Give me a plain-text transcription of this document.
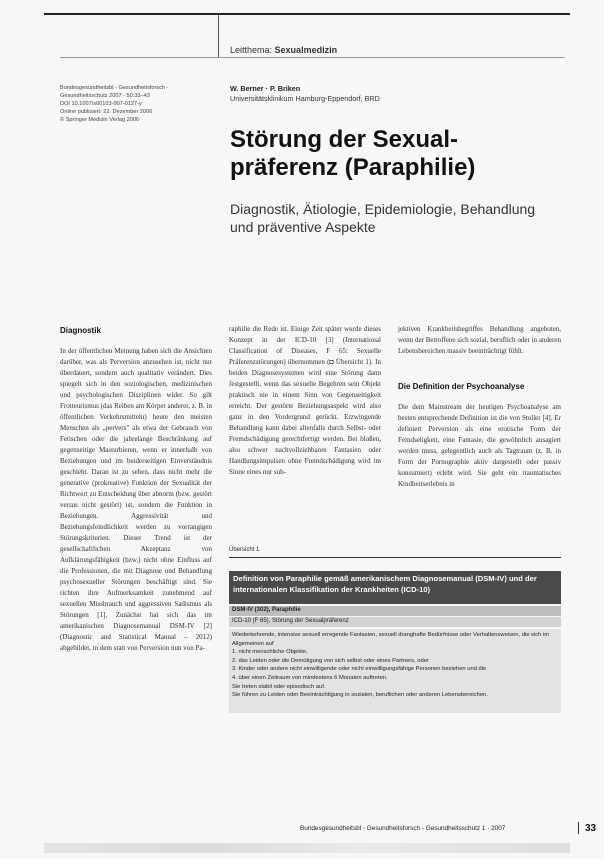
Leitthema: Sexualmedizin
Bundesgesundheitsbl - Gesundheitsforsch -
Gesundheitsschutz 2007 · 50:33–43
DOI 10.1007/s00103-007-0127-y
Online publiziert: 22. Dezember 2006
© Springer Medizin Verlag 2006
W. Berner · P. Briken
Universitätsklinikum Hamburg-Eppendorf, BRD
Störung der Sexual-präferenz (Paraphilie)
Diagnostik, Ätiologie, Epidemiologie, Behandlung und präventive Aspekte
Diagnostik

In der öffentlichen Meinung haben sich die Ansichten darüber, was als Perversion anzusehen ist, nicht nur überdauert, sondern auch qualitativ verändert. Dies spiegelt sich in den soziologischen, medizinischen und psychologischen Disziplinen wider. So gilt Frotteurismus (das Reiben am Körper anderer, z. B. in öffentlichen Verkehrsmitteln) heute den meisten Menschen als „pervers" als etwa der Gebrauch von Fetischen oder die jahrelange Beschränkung auf gegenseitige Masturbieren, wenn er innerhalb von Beziehungen und im beiderseitigen Einverständnis geschieht. Daran ist zu sehen, dass nicht mehr die generative (prokreative) Funktion der Sexualität der Richtwert zu Entscheidung über abnorm (bzw. gestört versus nicht gestört) ist, sondern die Funktion in Beziehungen. Aggressivität und Beziehungsfeindlichkeit werden zu vorrangigen Störungskriterien. Dieser Trend ist der gesellschaftlichen Akzeptanz von Aufklärungsfähigkeit (bzw.) nicht ohne Einfluss auf die Professionen, die mit Diagnose und Behandlung psychosexueller Störungen beschäftigt sind. Sie richten ihre Aufmerksamkeit zunehmend auf sexuellen Missbrauch und aggressiven Sadismus als Störungen [1]. Zunächst hat sich das im amerikanischen Diagnosemanual DSM-IV [2] (Diagnostic and Statistical Manual – 2012) abgebildet, in dem statt von Perversion nun von Pa-

raphilie die Rede ist. Einige Zeit später wurde dieses Konzept in der ICD-10 [3] (International Classification of Diseases, F 65: Sexuelle Präferenzstörungen) übernommen (◘ Übersicht 1). In beiden Diagnosesystemen wird eine Störung dann festgestellt, wenn das sexuelle Begehren sein Objekt praktisch nie in einem Sinn von Gegenseitigkeit erreicht. Der gestörte Beziehungsaspekt wird also ganz in den Vordergrund gerückt. Erzwingende Behandlung kann dabei allenfalls durch Selbst- oder Fremdschädigung gerechtfertigt werden. Bei bloßen, also schwer nachvollziehbaren Fantasien oder Handlungsimpulsen ohne Fremdschädigung wird im Sinne eines nur sub-

jektiven Krankheitsbegriffes Behandlung angeboten, wenn der Betroffene sich sozial, beruflich oder in anderen Lebensbereichen massiv beeinträchtigt fühlt.

Die Definition der Psychoanalyse

Die dem Mainstream der heutigen Psychoanalyse am besten entsprechende Definition ist die von Stoller [4]. Er definiert Perversion als eine erotische Form der Feindseligkeit, eine Fantasie, die gewöhnlich ausagiert werden muss, gelegentlich auch als Tagtraum (z. B. in Form der Pornographie aktiv dargestellt oder passiv konsumiert) erlebt wird. Sie geht ein traumatisches Kindheitserlebnis in

Übersicht 1
Definition von Paraphilie gemäß amerikanischem Diagnosemanual (DSM-IV) und der internationalen Klassifikation der Krankheiten (ICD-10)
DSM-IV (302), Paraphilie
ICD-10 (F 65), Störung der Sexualpräferenz

Wiederkehrende, intensive sexuell erregende Fantasien, sexuell dranghafte Bedürfnisse oder Verhaltensweisen, die sich im Allgemeinen auf

1. nicht menschliche Objekte,

2. das Leiden oder die Demütigung von sich selbst oder eines Partners, oder

3. Kinder oder andere nicht einwilligende oder nicht einwilligungsfähige Personen beziehen und die

4. über einen Zeitraum von mindestens 6 Monaten auftreten.

Sie treten stabil oder episodisch auf.

Sie führen zu Leiden oder Beeinträchtigung in sozialen, beruflichen oder anderen Lebensbereichen.

Bundesgesundheitsbl - Gesundheitsforsch - Gesundheitsschutz 1 · 2007	33
